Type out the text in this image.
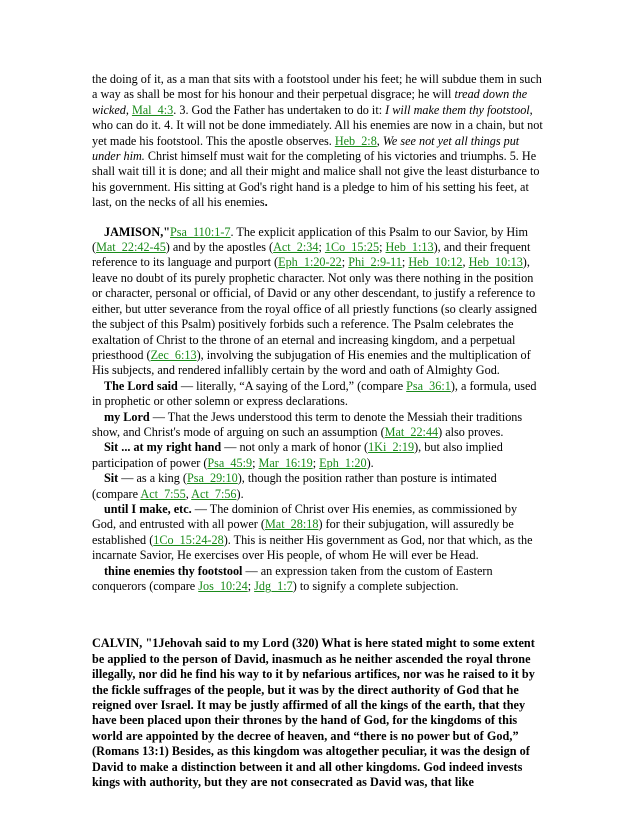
the doing of it, as a man that sits with a footstool under his feet; he will subdue them in such a way as shall be most for his honour and their perpetual disgrace; he will tread down the wicked, Mal_4:3. 3. God the Father has undertaken to do it: I will make them thy footstool, who can do it. 4. It will not be done immediately. All his enemies are now in a chain, but not yet made his footstool. This the apostle observes. Heb_2:8, We see not yet all things put under him. Christ himself must wait for the completing of his victories and triumphs. 5. He shall wait till it is done; and all their might and malice shall not give the least disturbance to his government. His sitting at God's right hand is a pledge to him of his setting his feet, at last, on the necks of all his enemies.

JAMISON,"Psa_110:1-7. The explicit application of this Psalm to our Savior, by Him (Mat_22:42-45) and by the apostles (Act_2:34; 1Co_15:25; Heb_1:13), and their frequent reference to its language and purport (Eph_1:20-22; Phi_2:9-11; Heb_10:12, Heb_10:13), leave no doubt of its purely prophetic character. Not only was there nothing in the position or character, personal or official, of David or any other descendant, to justify a reference to either, but utter severance from the royal office of all priestly functions (so clearly assigned the subject of this Psalm) positively forbids such a reference. The Psalm celebrates the exaltation of Christ to the throne of an eternal and increasing kingdom, and a perpetual priesthood (Zec_6:13), involving the subjugation of His enemies and the multiplication of His subjects, and rendered infallibly certain by the word and oath of Almighty God.

The Lord said — literally, “A saying of the Lord,” (compare Psa_36:1), a formula, used in prophetic or other solemn or express declarations.

my Lord — That the Jews understood this term to denote the Messiah their traditions show, and Christ's mode of arguing on such an assumption (Mat_22:44) also proves.

Sit ... at my right hand — not only a mark of honor (1Ki_2:19), but also implied participation of power (Psa_45:9; Mar_16:19; Eph_1:20).

Sit — as a king (Psa_29:10), though the position rather than posture is intimated (compare Act_7:55, Act_7:56).

until I make, etc. — The dominion of Christ over His enemies, as commissioned by God, and entrusted with all power (Mat_28:18) for their subjugation, will assuredly be established (1Co_15:24-28). This is neither His government as God, nor that which, as the incarnate Savior, He exercises over His people, of whom He will ever be Head.

thine enemies thy footstool — an expression taken from the custom of Eastern conquerors (compare Jos_10:24; Jdg_1:7) to signify a complete subjection.

CALVIN, "1Jehovah said to my Lord (320) What is here stated might to some extent be applied to the person of David, inasmuch as he neither ascended the royal throne illegally, nor did he find his way to it by nefarious artifices, nor was he raised to it by the fickle suffrages of the people, but it was by the direct authority of God that he reigned over Israel. It may be justly affirmed of all the kings of the earth, that they have been placed upon their thrones by the hand of God, for the kingdoms of this world are appointed by the decree of heaven, and “there is no power but of God,” (Romans 13:1) Besides, as this kingdom was altogether peculiar, it was the design of David to make a distinction between it and all other kingdoms. God indeed invests kings with authority, but they are not consecrated as David was, that like
